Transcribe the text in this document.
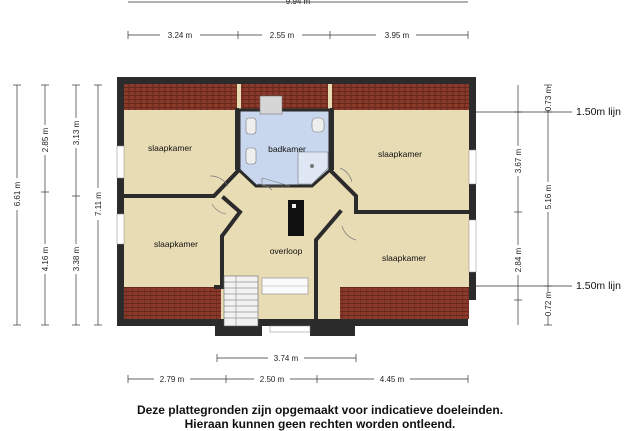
9.94 m
3.24 m	2.55 m	3.95 m
6.61 m
2.85 m
4.16 m
3.13 m
3.38 m
7.11 m
3.67 m
2.84 m
0.73 m
5.16 m
0.72 m
1.50m lijn
1.50m lijn
slaapkamer	badkamer	slaapkamer
slaapkamer
overloop
slaapkamer
3.74 m
2.79 m	2.50 m	4.45 m
Deze plattegronden zijn opgemaakt voor indicatieve doeleinden.
Hieraan kunnen geen rechten worden ontleend.
